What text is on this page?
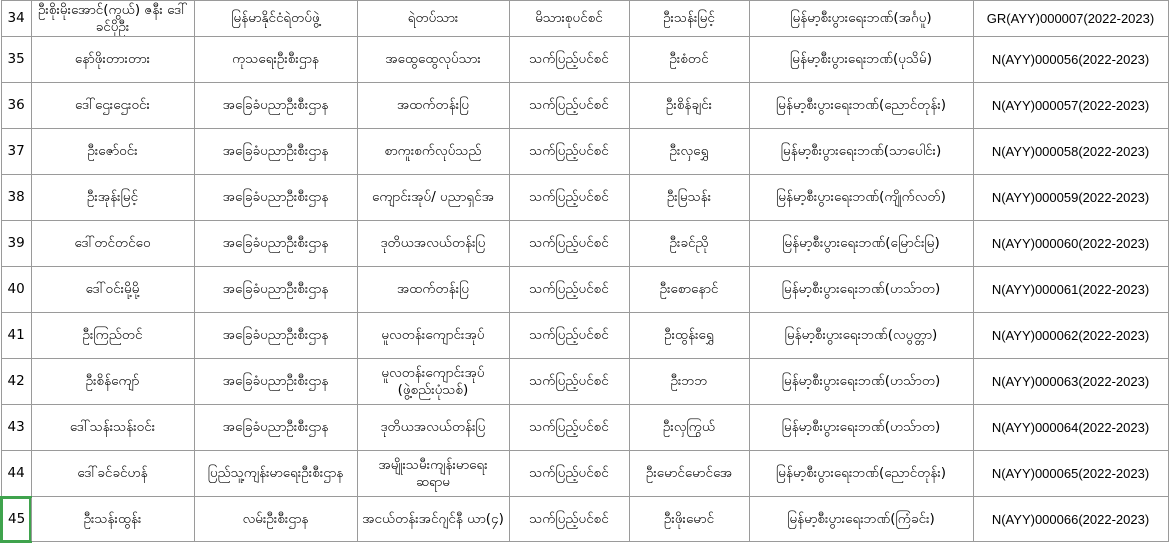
34	ဦးစိုးမိုးအောင်(ကွယ်) ဇနီး ဒေါ်ခင်ပိုဦး	မြန်မာနိုင်ငံရဲတပ်ဖွဲ့	ရဲတပ်သား	မိသားစုပင်စင်	ဦးသန်းမြင့်	မြန်မာ့စီးပွားရေးဘဏ်(အင်္ဂပူ)	GR(AYY)000007(2022-2023)
35	နော်ဖိုးတားတား	ကုသရေးဦးစီးဌာန	အထွေထွေလုပ်သား	သက်ပြည့်ပင်စင်	ဦးစံတင်	မြန်မာ့စီးပွားရေးဘဏ်(ပုသိမ်)	N(AYY)000056(2022-2023)
36	ဒေါ်ဌေးဌေးဝင်း	အခြေခံပညာဦးစီးဌာန	အထက်တန်းပြ	သက်ပြည့်ပင်စင်	ဦးစိန်ချင်း	မြန်မာ့စီးပွားရေးဘဏ်(ညောင်တုန်း)	N(AYY)000057(2022-2023)
37	ဦးဇော်ဝင်း	အခြေခံပညာဦးစီးဌာန	စာကူးစက်လုပ်သည်	သက်ပြည့်ပင်စင်	ဦးလှရွှေ	မြန်မာ့စီးပွားရေးဘဏ်(သာပေါင်း)	N(AYY)000058(2022-2023)
38	ဦးအုန်းမြင့်	အခြေခံပညာဦးစီးဌာန	ကျောင်းအုပ်/ ပညာရှင်အ	သက်ပြည့်ပင်စင်	ဦးမြသန်း	မြန်မာ့စီးပွားရေးဘဏ်(ကျိုက်လတ်)	N(AYY)000059(2022-2023)
39	ဒေါ်တင်တင်ဝေ	အခြေခံပညာဦးစီးဌာန	ဒုတိယအလယ်တန်းပြ	သက်ပြည့်ပင်စင်	ဦးခင်ညို	မြန်မာ့စီးပွားရေးဘဏ်(မြောင်းမြ)	N(AYY)000060(2022-2023)
40	ဒေါ်ဝင်းမို့မို့	အခြေခံပညာဦးစီးဌာန	အထက်တန်းပြ	သက်ပြည့်ပင်စင်	ဦးစောနောင်	မြန်မာ့စီးပွားရေးဘဏ်(ဟသ်ာတ)	N(AYY)000061(2022-2023)
41	ဦးကြည်တင်	အခြေခံပညာဦးစီးဌာန	မူလတန်းကျောင်းအုပ်	သက်ပြည့်ပင်စင်	ဦးထွန်းရွှေ	မြန်မာ့စီးပွားရေးဘဏ်(လပွတ္တာ)	N(AYY)000062(2022-2023)
42	ဦးစိန်ကျော်	အခြေခံပညာဦးစီးဌာန	မူလတန်းကျောင်းအုပ် (ဖွဲ့စည်းပုံသစ်)	သက်ပြည့်ပင်စင်	ဦးဘဘ	မြန်မာ့စီးပွားရေးဘဏ်(ဟသ်ာတ)	N(AYY)000063(2022-2023)
43	ဒေါ်သန်းသန်းဝင်း	အခြေခံပညာဦးစီးဌာန	ဒုတိယအလယ်တန်းပြ	သက်ပြည့်ပင်စင်	ဦးလှကြွယ်	မြန်မာ့စီးပွားရေးဘဏ်(ဟသ်ာတ)	N(AYY)000064(2022-2023)
44	ဒေါ်ခင်ခင်ဟန်	ပြည်သူ့ကျန်းမာရေးဦးစီးဌာန	အမျိုးသမီးကျန်းမာရေး ဆရာမ	သက်ပြည့်ပင်စင်	ဦးမောင်မောင်အေ	မြန်မာ့စီးပွားရေးဘဏ်(ညောင်တုန်း)	N(AYY)000065(2022-2023)
45	ဦးသန်းထွန်း	လမ်းဦးစီးဌာန	အငယ်တန်းအင်ဂျင်နီ ယာ(၄)	သက်ပြည့်ပင်စင်	ဦးဖိုးမောင်	မြန်မာ့စီးပွားရေးဘဏ်(ကြံခင်း)	N(AYY)000066(2022-2023)
